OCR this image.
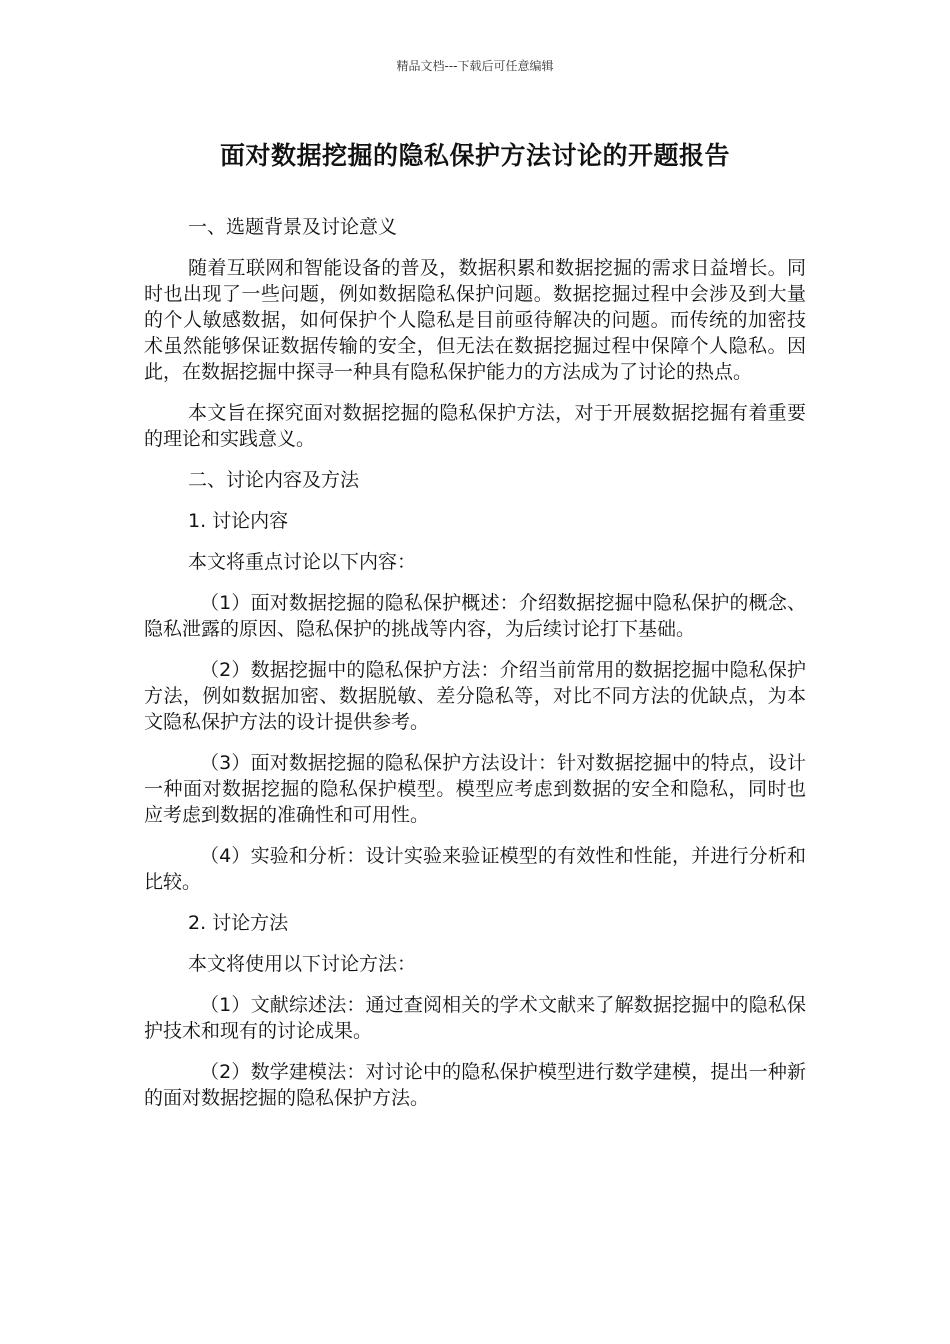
精品文档---下载后可任意编辑
面对数据挖掘的隐私保护方法讨论的开题报告

一、选题背景及讨论意义

随着互联网和智能设备的普及，数据积累和数据挖掘的需求日益增长。同时也出现了一些问题，例如数据隐私保护问题。数据挖掘过程中会涉及到大量的个人敏感数据，如何保护个人隐私是目前亟待解决的问题。而传统的加密技术虽然能够保证数据传输的安全，但无法在数据挖掘过程中保障个人隐私。因此，在数据挖掘中探寻一种具有隐私保护能力的方法成为了讨论的热点。

本文旨在探究面对数据挖掘的隐私保护方法，对于开展数据挖掘有着重要的理论和实践意义。

二、讨论内容及方法

1. 讨论内容

本文将重点讨论以下内容：

（1）面对数据挖掘的隐私保护概述：介绍数据挖掘中隐私保护的概念、隐私泄露的原因、隐私保护的挑战等内容，为后续讨论打下基础。

（2）数据挖掘中的隐私保护方法：介绍当前常用的数据挖掘中隐私保护方法，例如数据加密、数据脱敏、差分隐私等，对比不同方法的优缺点，为本文隐私保护方法的设计提供参考。

（3）面对数据挖掘的隐私保护方法设计：针对数据挖掘中的特点，设计一种面对数据挖掘的隐私保护模型。模型应考虑到数据的安全和隐私，同时也应考虑到数据的准确性和可用性。

（4）实验和分析：设计实验来验证模型的有效性和性能，并进行分析和比较。

2. 讨论方法

本文将使用以下讨论方法：

（1）文献综述法：通过查阅相关的学术文献来了解数据挖掘中的隐私保护技术和现有的讨论成果。

（2）数学建模法：对讨论中的隐私保护模型进行数学建模，提出一种新的面对数据挖掘的隐私保护方法。
